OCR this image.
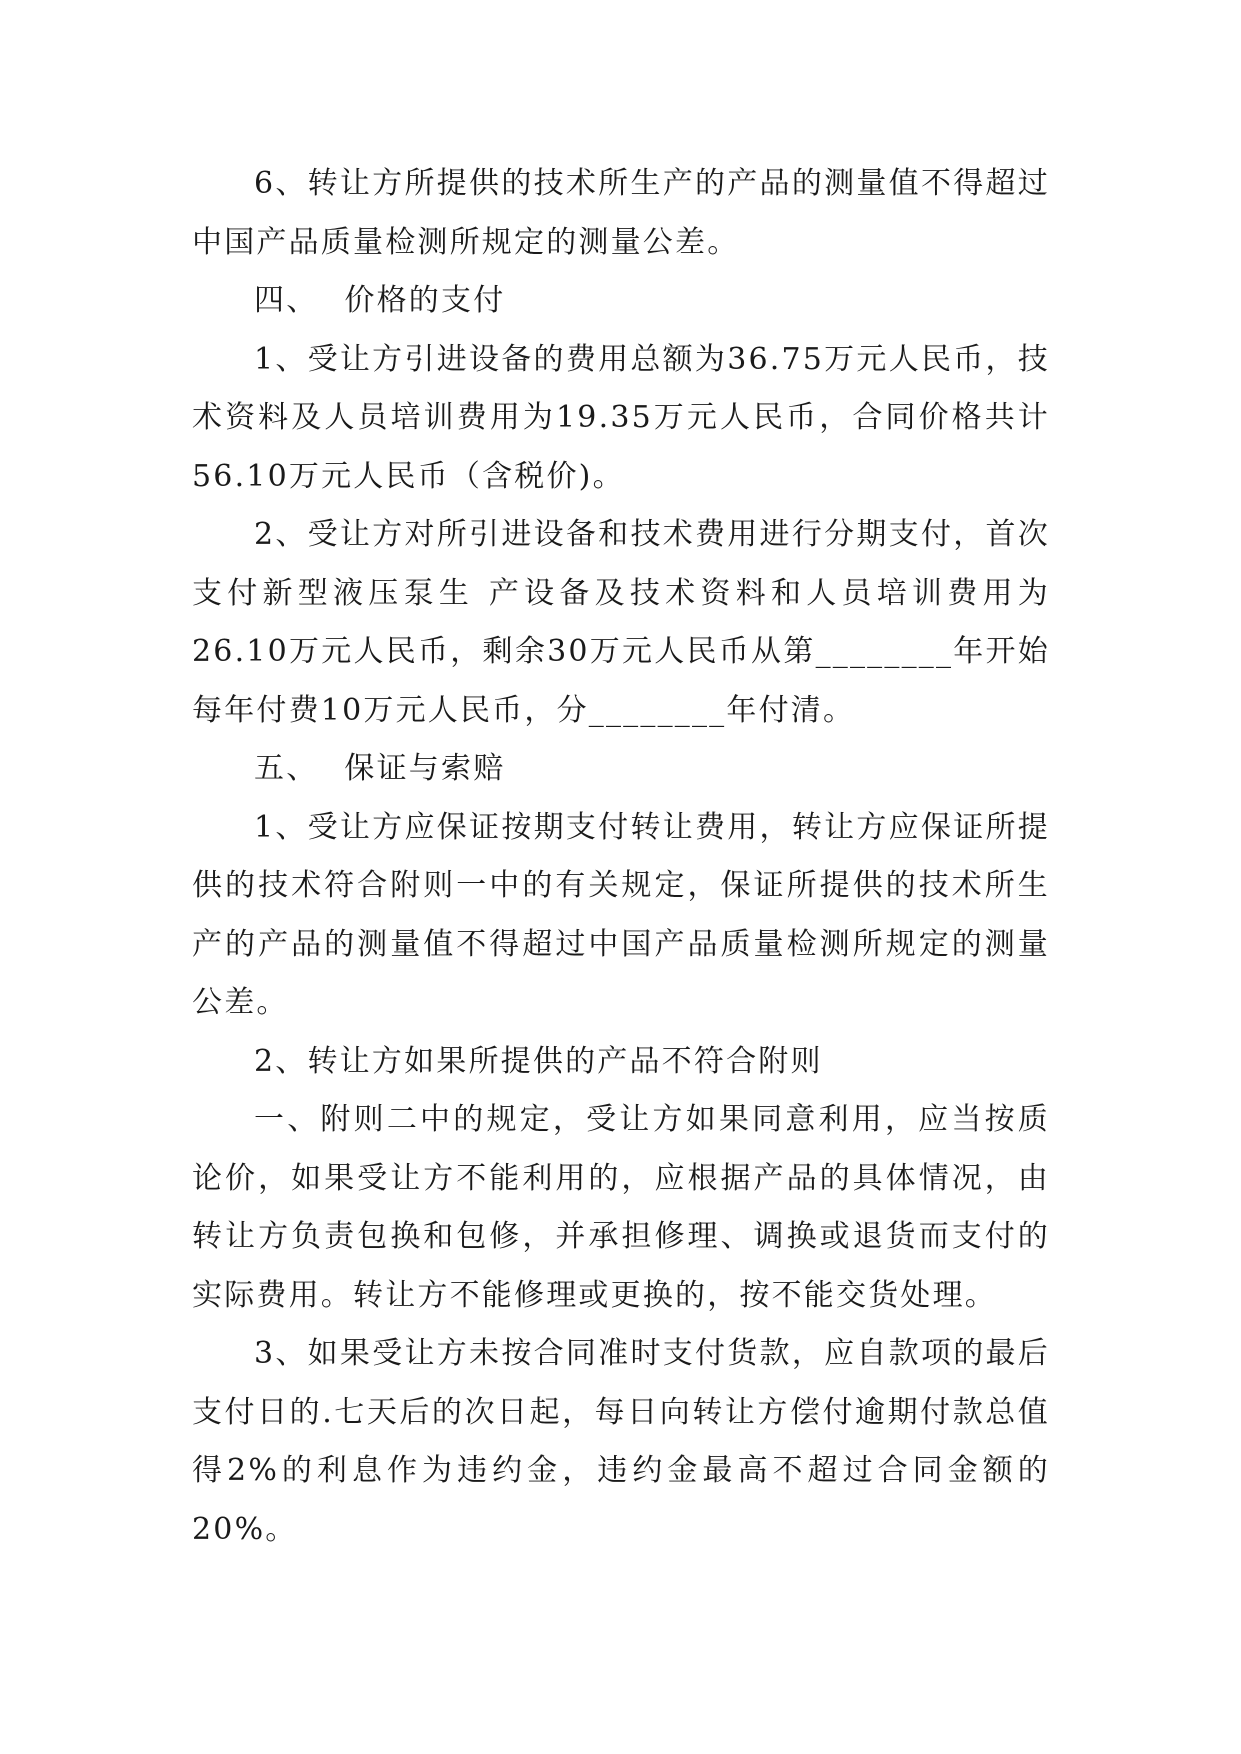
6、转让方所提供的技术所生产的产品的测量值不得超过中国产品质量检测所规定的测量公差。

四、 价格的支付

1、受让方引进设备的费用总额为36.75万元人民币，技术资料及人员培训费用为19.35万元人民币，合同价格共计56.10万元人民币（含税价)。

2、受让方对所引进设备和技术费用进行分期支付，首次支付新型液压泵生 产设备及技术资料和人员培训费用为26.10万元人民币，剩余30万元人民币从第________年开始每年付费10万元人民币，分________年付清。

五、 保证与索赔

1、受让方应保证按期支付转让费用，转让方应保证所提供的技术符合附则一中的有关规定，保证所提供的技术所生产的产品的测量值不得超过中国产品质量检测所规定的测量公差。

2、转让方如果所提供的产品不符合附则

一、附则二中的规定，受让方如果同意利用，应当按质论价，如果受让方不能利用的，应根据产品的具体情况，由转让方负责包换和包修，并承担修理、调换或退货而支付的实际费用。转让方不能修理或更换的，按不能交货处理。

3、如果受让方未按合同准时支付货款，应自款项的最后支付日的.七天后的次日起，每日向转让方偿付逾期付款总值得2%的利息作为违约金，违约金最高不超过合同金额的20%。
